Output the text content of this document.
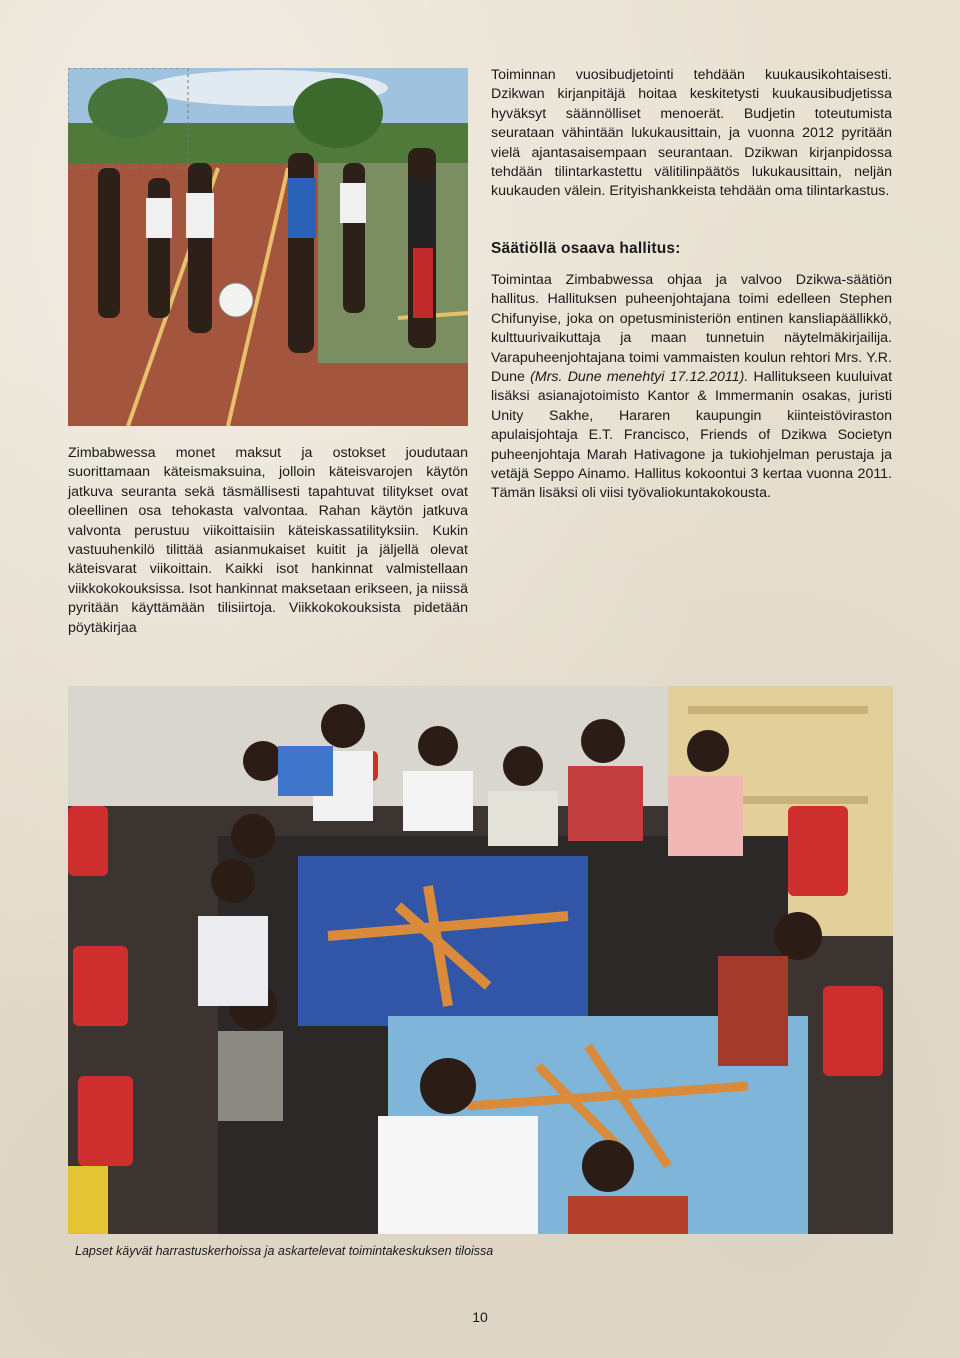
Zimbabwessa monet maksut ja ostokset joudutaan suorittamaan käteismaksuina, jolloin käteisvarojen käytön jatkuva seuranta sekä täsmällisesti tapahtuvat tilitykset ovat oleellinen osa tehokasta valvontaa. Rahan käytön jatkuva valvonta perustuu viikoittaisiin käteiskassatilityksiin. Kukin vastuuhenkilö tilittää asianmukaiset kuitit ja jäljellä olevat käteisvarat viikoittain. Kaikki isot hankinnat valmistellaan viikkokokouksissa. Isot hankinnat maksetaan erikseen, ja niissä pyritään käyttämään tilisiirtoja. Viikkokokouksista pidetään pöytäkirjaa

Toiminnan vuosibudjetointi tehdään kuukausikohtaisesti. Dzikwan kirjanpitäjä hoitaa keskitetysti kuukausibudjetissa hyväksyt säännölliset menoerät. Budjetin toteutumista seurataan vähintään lukukausittain, ja vuonna 2012 pyritään vielä ajantasaisempaan seurantaan. Dzikwan kirjanpidossa tehdään tilintarkastettu välitilinpäätös lukukausittain, neljän kuukauden välein. Erityishankkeista tehdään oma tilintarkastus.

Säätiöllä osaava hallitus:

Toimintaa Zimbabwessa ohjaa ja valvoo Dzikwa-säätiön hallitus. Hallituksen puheenjohtajana toimi edelleen Stephen Chifunyise, joka on opetusministeriön entinen kansliapäällikkö, kulttuurivaikuttaja ja maan tunnetuin näytelmäkirjailija. Varapuheenjohtajana toimi vammaisten koulun rehtori Mrs. Y.R. Dune (Mrs. Dune menehtyi 17.12.2011). Hallitukseen kuuluivat lisäksi asianajotoimisto Kantor & Immermanin osakas, juristi Unity Sakhe, Hararen kaupungin kiinteistöviraston apulaisjohtaja E.T. Francisco, Friends of Dzikwa Societyn puheenjohtaja Marah Hativagone ja tukiohjelman perustaja ja vetäjä Seppo Ainamo. Hallitus kokoontui 3 kertaa vuonna 2011. Tämän lisäksi oli viisi työvaliokuntakokousta.

Lapset käyvät harrastuskerhoissa ja askartelevat toimintakeskuksen tiloissa

10
